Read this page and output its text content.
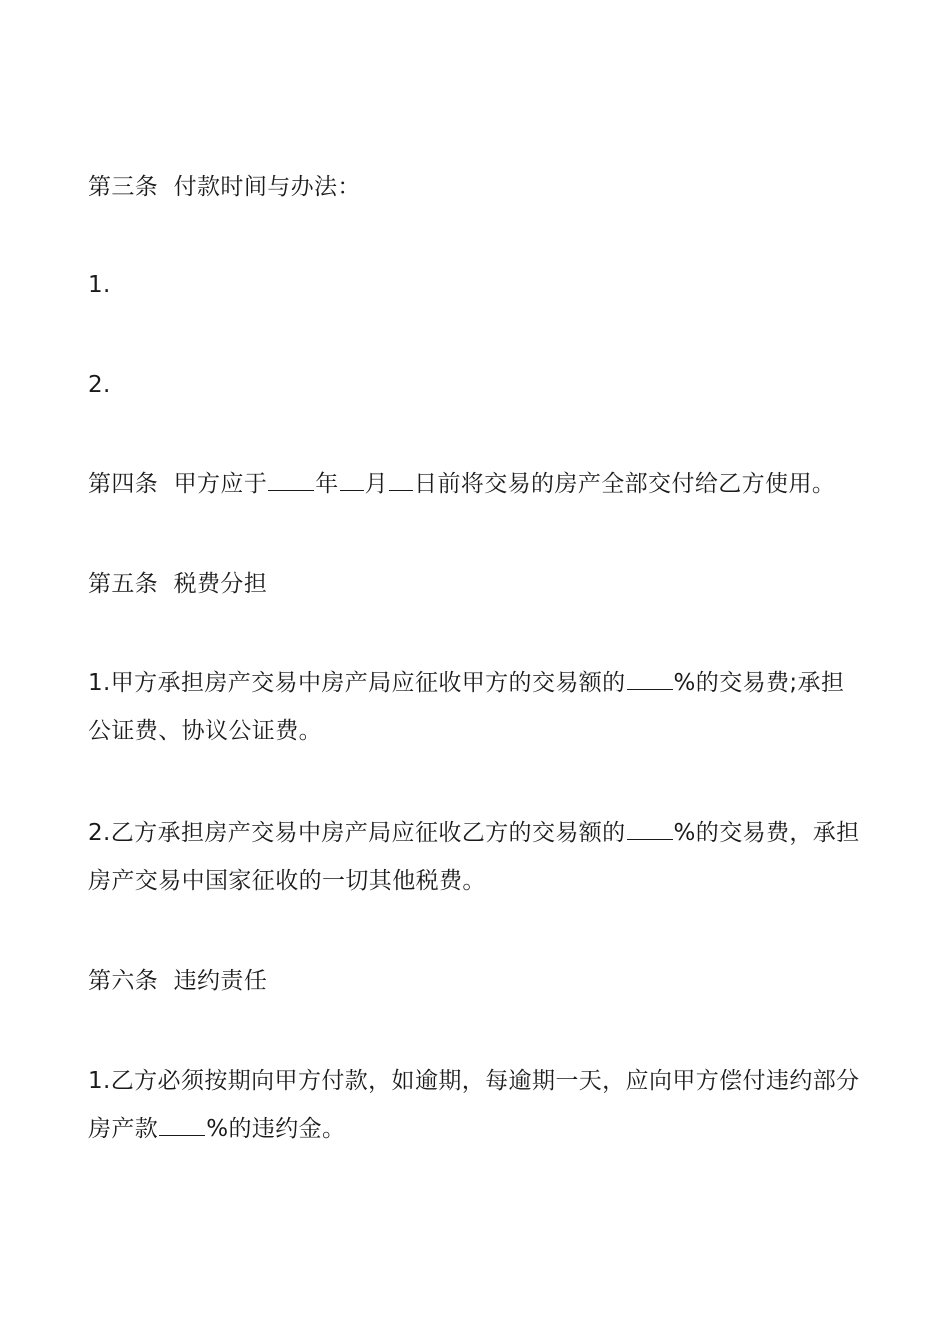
第三条  付款时间与办法：

1.

2.

第四条  甲方应于 年 月 日前将交易的房产全部交付给乙方使用。

第五条  税费分担

1.甲方承担房产交易中房产局应征收甲方的交易额的 %的交易费;承担公证费、协议公证费。

2.乙方承担房产交易中房产局应征收乙方的交易额的 %的交易费，承担房产交易中国家征收的一切其他税费。

第六条  违约责任

1.乙方必须按期向甲方付款，如逾期，每逾期一天，应向甲方偿付违约部分房产款 %的违约金。
